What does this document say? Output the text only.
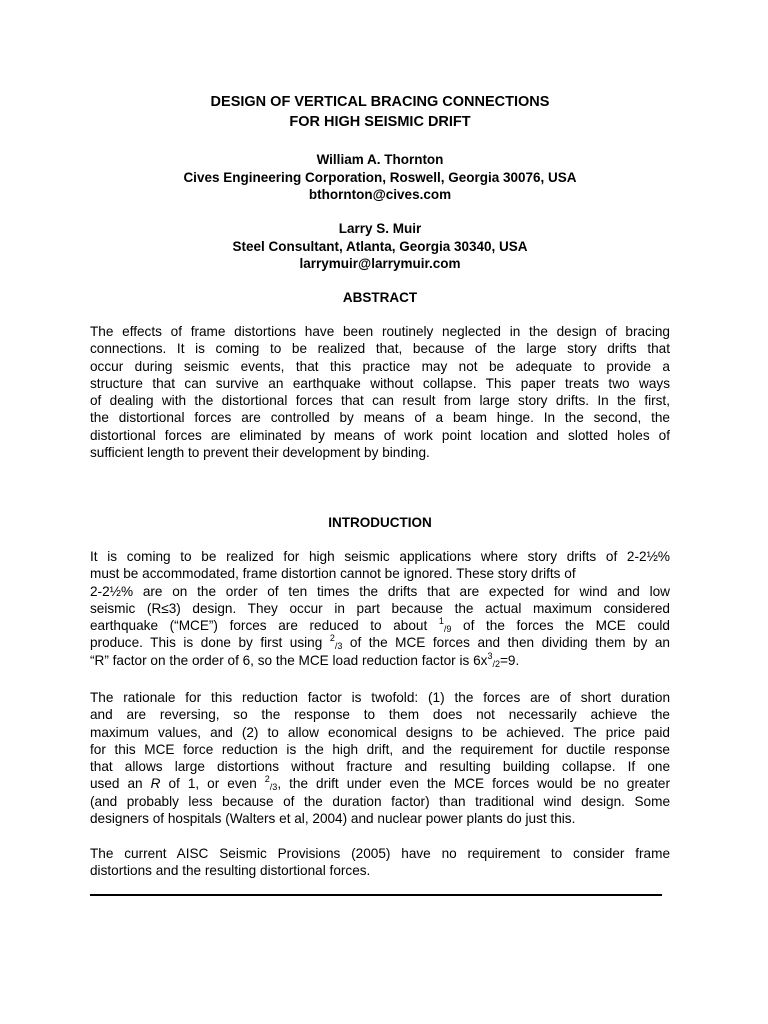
DESIGN OF VERTICAL BRACING CONNECTIONS
FOR HIGH SEISMIC DRIFT
William A. Thornton
Cives Engineering Corporation, Roswell, Georgia 30076, USA
bthornton@cives.com
Larry S. Muir
Steel Consultant, Atlanta, Georgia 30340, USA
larrymuir@larrymuir.com
ABSTRACT
The effects of frame distortions have been routinely neglected in the design of bracing
connections. It is coming to be realized that, because of the large story drifts that
occur during seismic events, that this practice may not be adequate to provide a
structure that can survive an earthquake without collapse. This paper treats two ways
of dealing with the distortional forces that can result from large story drifts. In the first,
the distortional forces are controlled by means of a beam hinge. In the second, the
distortional forces are eliminated by means of work point location and slotted holes of
sufficient length to prevent their development by binding.
INTRODUCTION
It is coming to be realized for high seismic applications where story drifts of 2-2½%
must be accommodated, frame distortion cannot be ignored. These story drifts of
2-2½% are on the order of ten times the drifts that are expected for wind and low
seismic (R≤3) design. They occur in part because the actual maximum considered
earthquake (“MCE”) forces are reduced to about $^1_{/9}$ of the forces the MCE could
produce. This is done by first using $^2_{/3}$ of the MCE forces and then dividing them by an
“R” factor on the order of 6, so the MCE load reduction factor is $6x^3_{/2}=9$.
The rationale for this reduction factor is twofold: (1) the forces are of short duration
and are reversing, so the response to them does not necessarily achieve the
maximum values, and (2) to allow economical designs to be achieved. The price paid
for this MCE force reduction is the high drift, and the requirement for ductile response
that allows large distortions without fracture and resulting building collapse. If one
used an R of 1, or even $^2_{/3}$, the drift under even the MCE forces would be no greater
(and probably less because of the duration factor) than traditional wind design. Some
designers of hospitals (Walters et al, 2004) and nuclear power plants do just this.
The current AISC Seismic Provisions (2005) have no requirement to consider frame
distortions and the resulting distortional forces.
